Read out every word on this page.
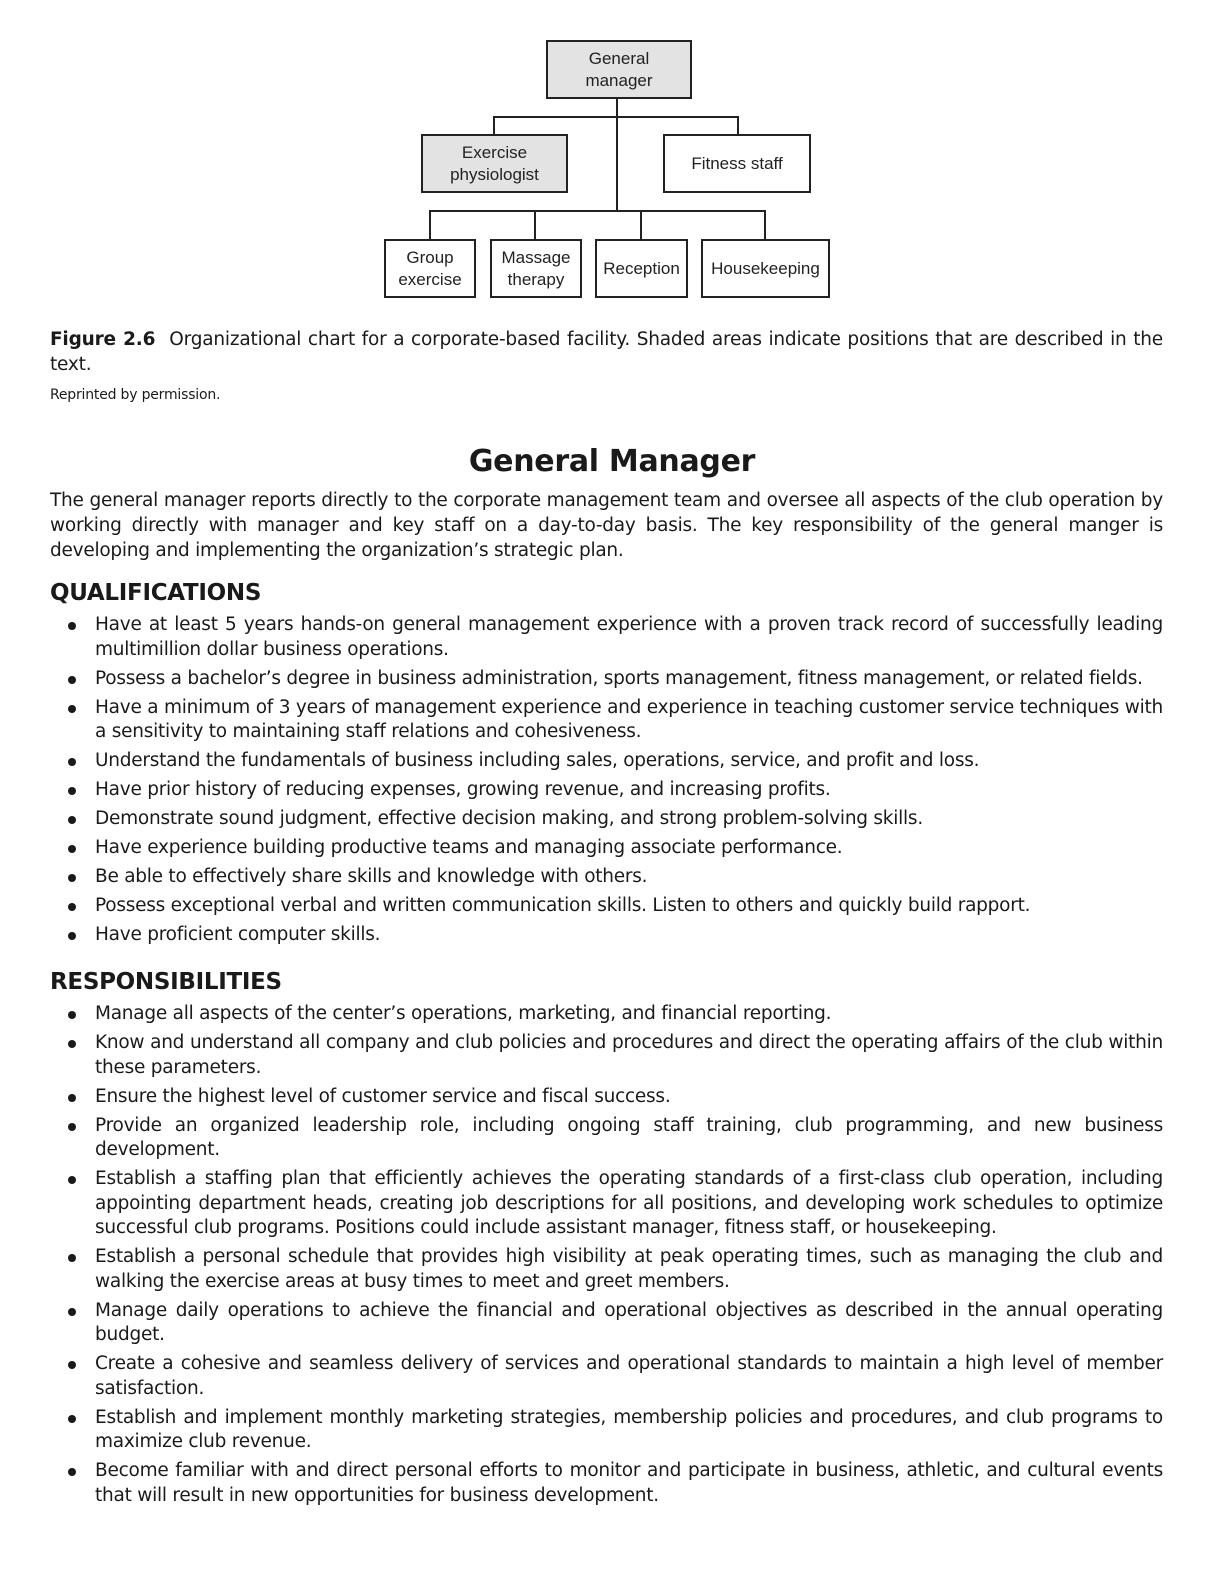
General
manager
Exercise
physiologist
Fitness staff
Group
exercise
Massage
therapy
Reception	Housekeeping
Figure 2.6 Organizational chart for a corporate-based facility. Shaded areas indicate positions that are described in the text.
Reprinted by permission.
General Manager
The general manager reports directly to the corporate management team and oversee all aspects of the club operation by working directly with manager and key staff on a day-to-day basis. The key responsibility of the general manger is developing and implementing the organization’s strategic plan.
QUALIFICATIONS
Have at least 5 years hands-on general management experience with a proven track record of successfully leading multimillion dollar business operations.
Possess a bachelor’s degree in business administration, sports management, fitness management, or related fields.
Have a minimum of 3 years of management experience and experience in teaching customer service techniques with a sensitivity to maintaining staff relations and cohesiveness.
Understand the fundamentals of business including sales, operations, service, and profit and loss.
Have prior history of reducing expenses, growing revenue, and increasing profits.
Demonstrate sound judgment, effective decision making, and strong problem-solving skills.
Have experience building productive teams and managing associate performance.
Be able to effectively share skills and knowledge with others.
Possess exceptional verbal and written communication skills. Listen to others and quickly build rapport.
Have proficient computer skills.
RESPONSIBILITIES
Manage all aspects of the center’s operations, marketing, and financial reporting.
Know and understand all company and club policies and procedures and direct the operating affairs of the club within these parameters.
Ensure the highest level of customer service and fiscal success.
Provide an organized leadership role, including ongoing staff training, club programming, and new business development.
Establish a staffing plan that efficiently achieves the operating standards of a first-class club operation, including appointing department heads, creating job descriptions for all positions, and developing work schedules to optimize successful club programs. Positions could include assistant manager, fitness staff, or housekeeping.
Establish a personal schedule that provides high visibility at peak operating times, such as managing the club and walking the exercise areas at busy times to meet and greet members.
Manage daily operations to achieve the financial and operational objectives as described in the annual operating budget.
Create a cohesive and seamless delivery of services and operational standards to maintain a high level of member satisfaction.
Establish and implement monthly marketing strategies, membership policies and procedures, and club programs to maximize club revenue.
Become familiar with and direct personal efforts to monitor and participate in business, athletic, and cultural events that will result in new opportunities for business development.
